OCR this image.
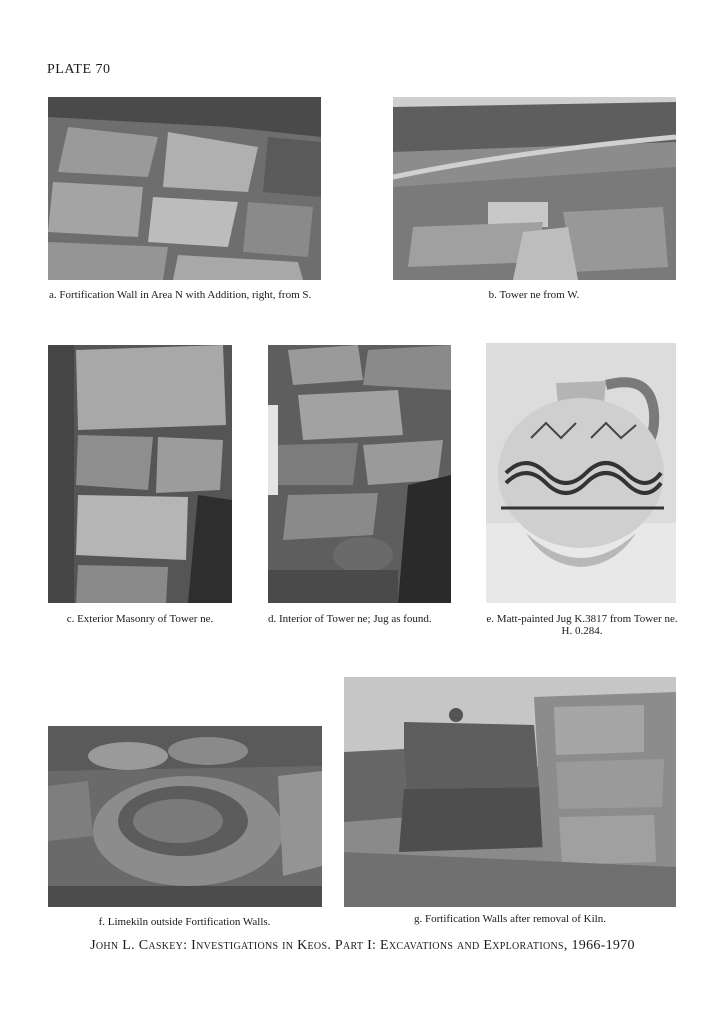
PLATE 70
a. Fortification Wall in Area N with Addition, right, from S.	b. Tower ne from W.
c. Exterior Masonry of Tower ne.	d. Interior of Tower ne; Jug as found.	e. Matt-painted Jug K.3817 from Tower ne. H. 0.284.
f. Limekiln outside Fortification Walls.	g. Fortification Walls after removal of Kiln.
John L. Caskey: Investigations in Keos. Part I: Excavations and Explorations, 1966-1970
